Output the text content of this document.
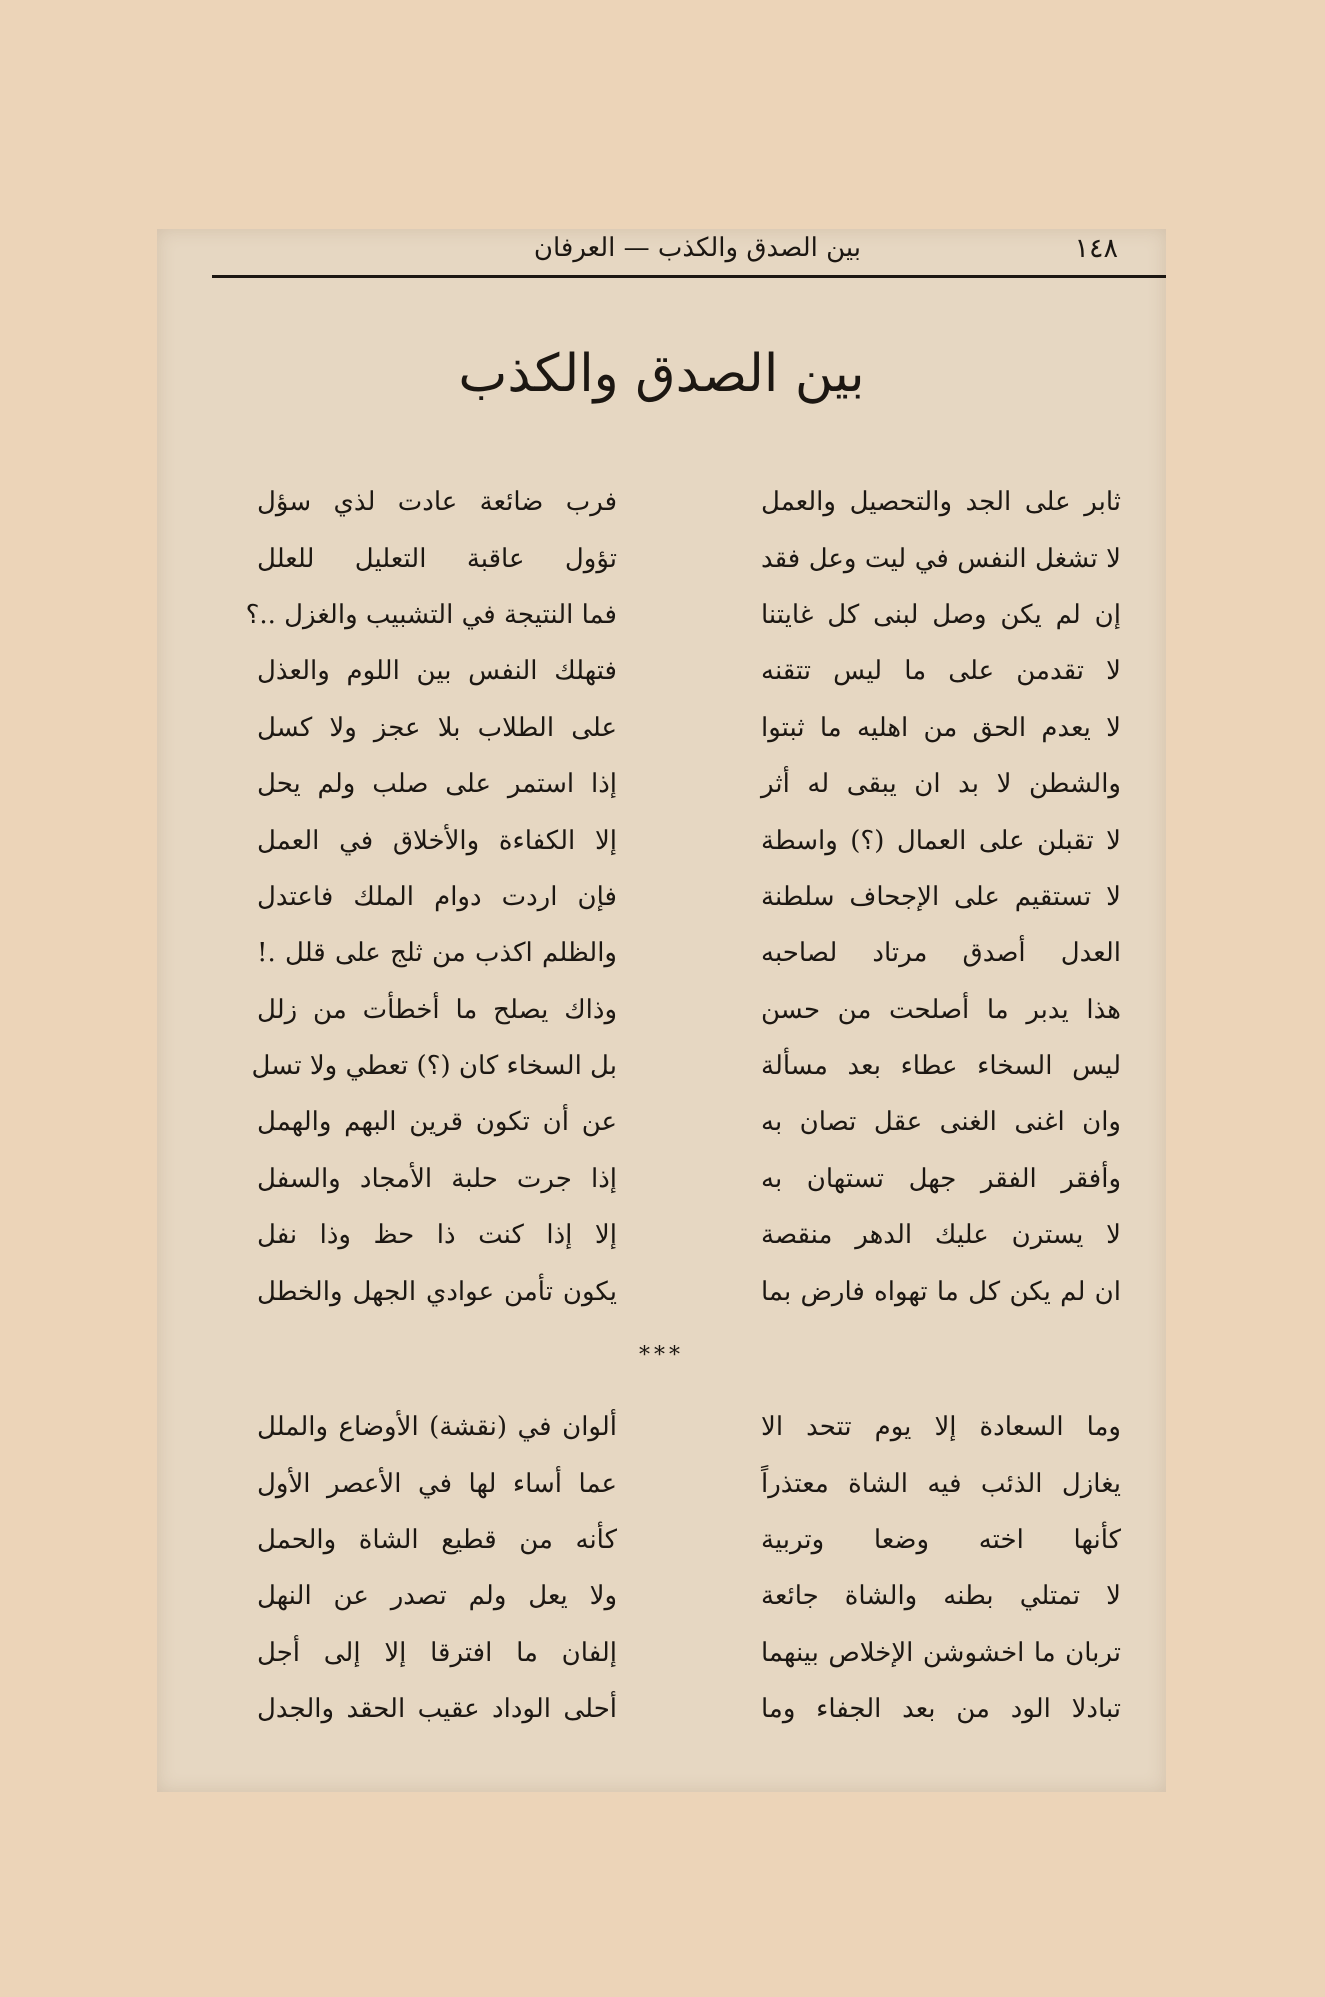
١٤٨
بين الصدق والكذب — العرفان
بين الصدق والكذب
ثابر على الجد والتحصيل والعمل
فرب ضائعة عادت لذي سؤل
لا تشغل النفس في ليت وعل فقد
تؤول عاقبة التعليل للعلل
إن لم يكن وصل لبنى كل غايتنا
فما النتيجة في التشبيب والغزل ..؟
لا تقدمن على ما ليس تتقنه
فتهلك النفس بين اللوم والعذل
لا يعدم الحق من اهليه ما ثبتوا
على الطلاب بلا عجز ولا كسل
والشطن لا بد ان يبقى له أثر
إذا استمر على صلب ولم يحل
لا تقبلن على العمال (؟) واسطة
إلا الكفاءة والأخلاق في العمل
لا تستقيم على الإجحاف سلطنة
فإن اردت دوام الملك فاعتدل
العدل أصدق مرتاد لصاحبه
والظلم اكذب من ثلج على قلل .!
هذا يدبر ما أصلحت من حسن
وذاك يصلح ما أخطأت من زلل
ليس السخاء عطاء بعد مسألة
بل السخاء كان (؟) تعطي ولا تسل
وان اغنى الغنى عقل تصان به
عن أن تكون قرين البهم والهمل
وأفقر الفقر جهل تستهان به
إذا جرت حلبة الأمجاد والسفل
لا يسترن عليك الدهر منقصة
إلا إذا كنت ذا حظ وذا نفل
ان لم يكن كل ما تهواه فارض بما
يكون تأمن عوادي الجهل والخطل
***
وما السعادة إلا يوم تتحد الا
ألوان في (نقشة) الأوضاع والملل
يغازل الذئب فيه الشاة معتذراً
عما أساء لها في الأعصر الأول
كأنها اخته وضعا وتربية
كأنه من قطيع الشاة والحمل
لا تمتلي بطنه والشاة جائعة
ولا يعل ولم تصدر عن النهل
تربان ما اخشوشن الإخلاص بينهما
إلفان ما افترقا إلا إلى أجل
تبادلا الود من بعد الجفاء وما
أحلى الوداد عقيب الحقد والجدل
